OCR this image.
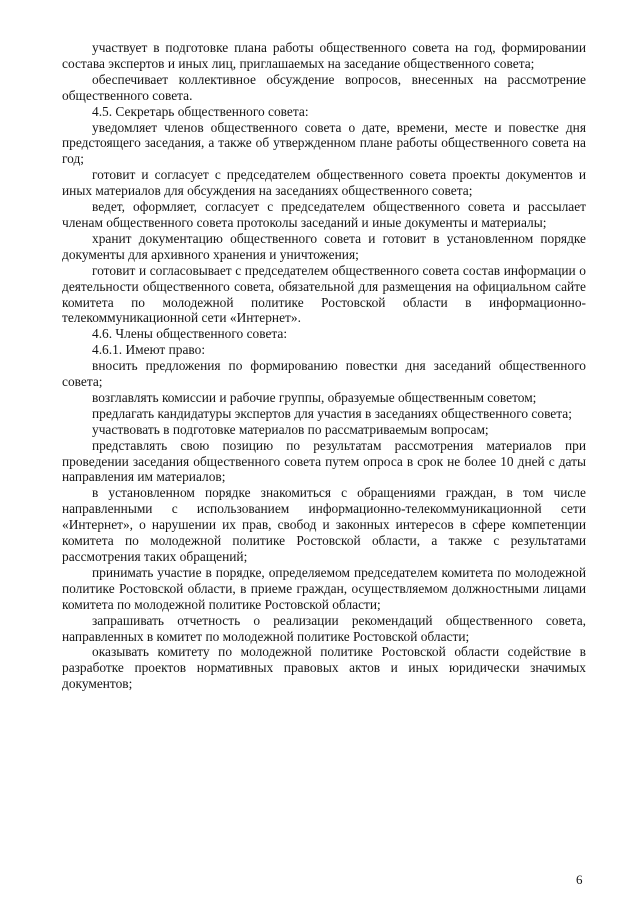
участвует в подготовке плана работы общественного совета на год, формировании состава экспертов и иных лиц, приглашаемых на заседание общественного совета;

обеспечивает коллективное обсуждение вопросов, внесенных на рассмотрение общественного совета.

4.5. Секретарь общественного совета:

уведомляет членов общественного совета о дате, времени, месте и повестке дня предстоящего заседания, а также об утвержденном плане работы общественного совета на год;

готовит и согласует с председателем общественного совета проекты документов и иных материалов для обсуждения на заседаниях общественного совета;

ведет, оформляет, согласует с председателем общественного совета и рассылает членам общественного совета протоколы заседаний и иные документы и материалы;

хранит документацию общественного совета и готовит в установленном порядке документы для архивного хранения и уничтожения;

готовит и согласовывает с председателем общественного совета состав информации о деятельности общественного совета, обязательной для размещения на официальном сайте комитета по молодежной политике Ростовской области в информационно-телекоммуникационной сети «Интернет».

4.6. Члены общественного совета:

4.6.1. Имеют право:

вносить предложения по формированию повестки дня заседаний общественного совета;

возглавлять комиссии и рабочие группы, образуемые общественным советом;

предлагать кандидатуры экспертов для участия в заседаниях общественного совета;

участвовать в подготовке материалов по рассматриваемым вопросам;

представлять свою позицию по результатам рассмотрения материалов при проведении заседания общественного совета путем опроса в срок не более 10 дней с даты направления им материалов;

в установленном порядке знакомиться с обращениями граждан, в том числе направленными с использованием информационно-телекоммуникационной сети «Интернет», о нарушении их прав, свобод и законных интересов в сфере компетенции комитета по молодежной политике Ростовской области, а также с результатами рассмотрения таких обращений;

принимать участие в порядке, определяемом председателем комитета по молодежной политике Ростовской области, в приеме граждан, осуществляемом должностными лицами комитета по молодежной политике Ростовской области;

запрашивать отчетность о реализации рекомендаций общественного совета, направленных в комитет по молодежной политике Ростовской области;

оказывать комитету по молодежной политике Ростовской области содействие в разработке проектов нормативных правовых актов и иных юридически значимых документов;

6
